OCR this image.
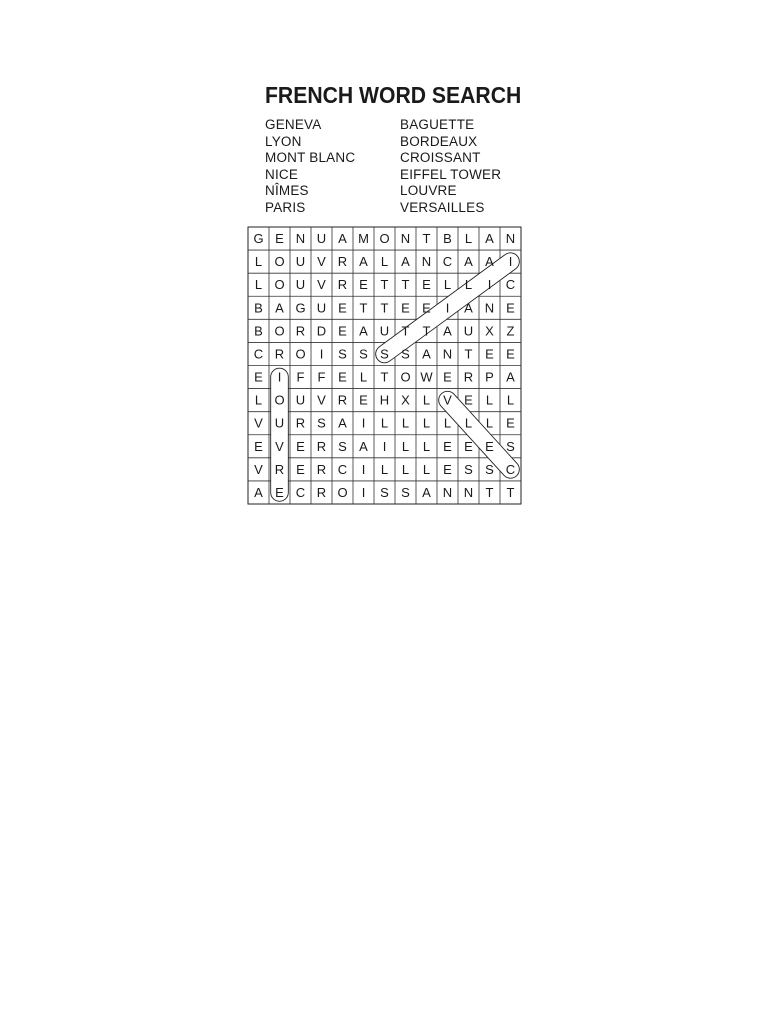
FRENCH WORD SEARCH
GENEVA
LYON
MONT BLANC
NICE
NÎMES
PARIS
BAGUETTE
BORDEAUX
CROISSANT
EIFFEL TOWER
LOUVRE
VERSAILLES
G E N U A M O N T B L A N
L O U V R A L A N C A A I
L O U V R E T T E L L I C
B A G U E T T E E I A N E
B O R D E A U T T A U X Z
C R O I S S S S A N T E E
E I F F E L T O W E R P A
L O U V R E H X L V E L L
V U R S A I L L L L L L E
E V E R S A I L L E E E S
V R E R C I L L L E S S C
A E C R O I S S A N N T T
